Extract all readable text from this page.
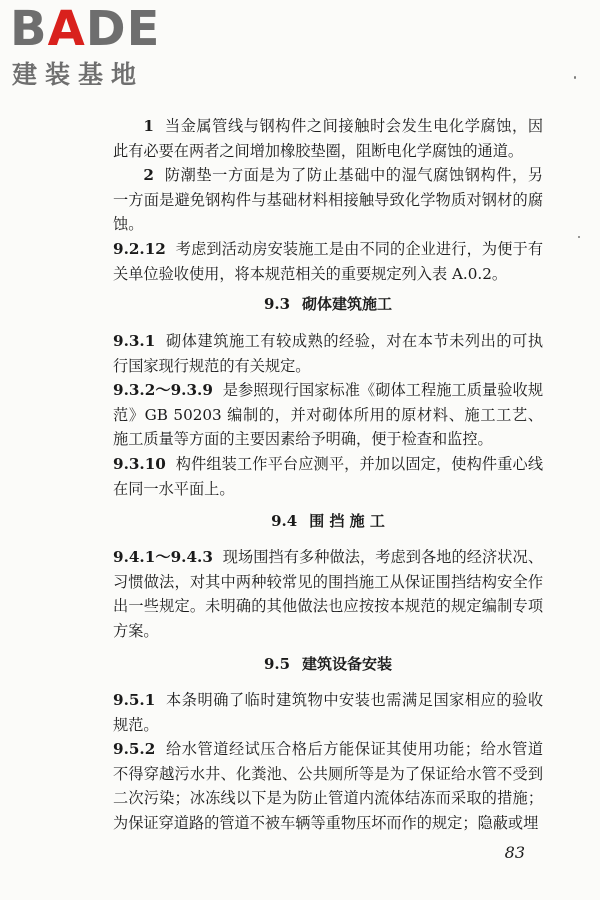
BADE
建装基地

1 当金属管线与钢构件之间接触时会发生电化学腐蚀，因此有必要在两者之间增加橡胶垫圈，阻断电化学腐蚀的通道。

2 防潮垫一方面是为了防止基础中的湿气腐蚀钢构件，另一方面是避免钢构件与基础材料相接触导致化学物质对钢材的腐蚀。

9.2.12 考虑到活动房安装施工是由不同的企业进行，为便于有关单位验收使用，将本规范相关的重要规定列入表 A.0.2。

9.3 砌体建筑施工

9.3.1 砌体建筑施工有较成熟的经验，对在本节未列出的可执行国家现行规范的有关规定。

9.3.2～9.3.9 是参照现行国家标准《砌体工程施工质量验收规范》GB 50203 编制的，并对砌体所用的原材料、施工工艺、施工质量等方面的主要因素给予明确，便于检查和监控。

9.3.10 构件组装工作平台应测平，并加以固定，使构件重心线在同一水平面上。

9.4 围 挡 施 工

9.4.1～9.4.3 现场围挡有多种做法，考虑到各地的经济状况、习惯做法，对其中两种较常见的围挡施工从保证围挡结构安全作出一些规定。未明确的其他做法也应按按本规范的规定编制专项方案。

9.5 建筑设备安装

9.5.1 本条明确了临时建筑物中安装也需满足国家相应的验收规范。

9.5.2 给水管道经试压合格后方能保证其使用功能；给水管道不得穿越污水井、化粪池、公共厕所等是为了保证给水管不受到二次污染；冰冻线以下是为防止管道内流体结冻而采取的措施；为保证穿道路的管道不被车辆等重物压坏而作的规定；隐蔽或埋

83
